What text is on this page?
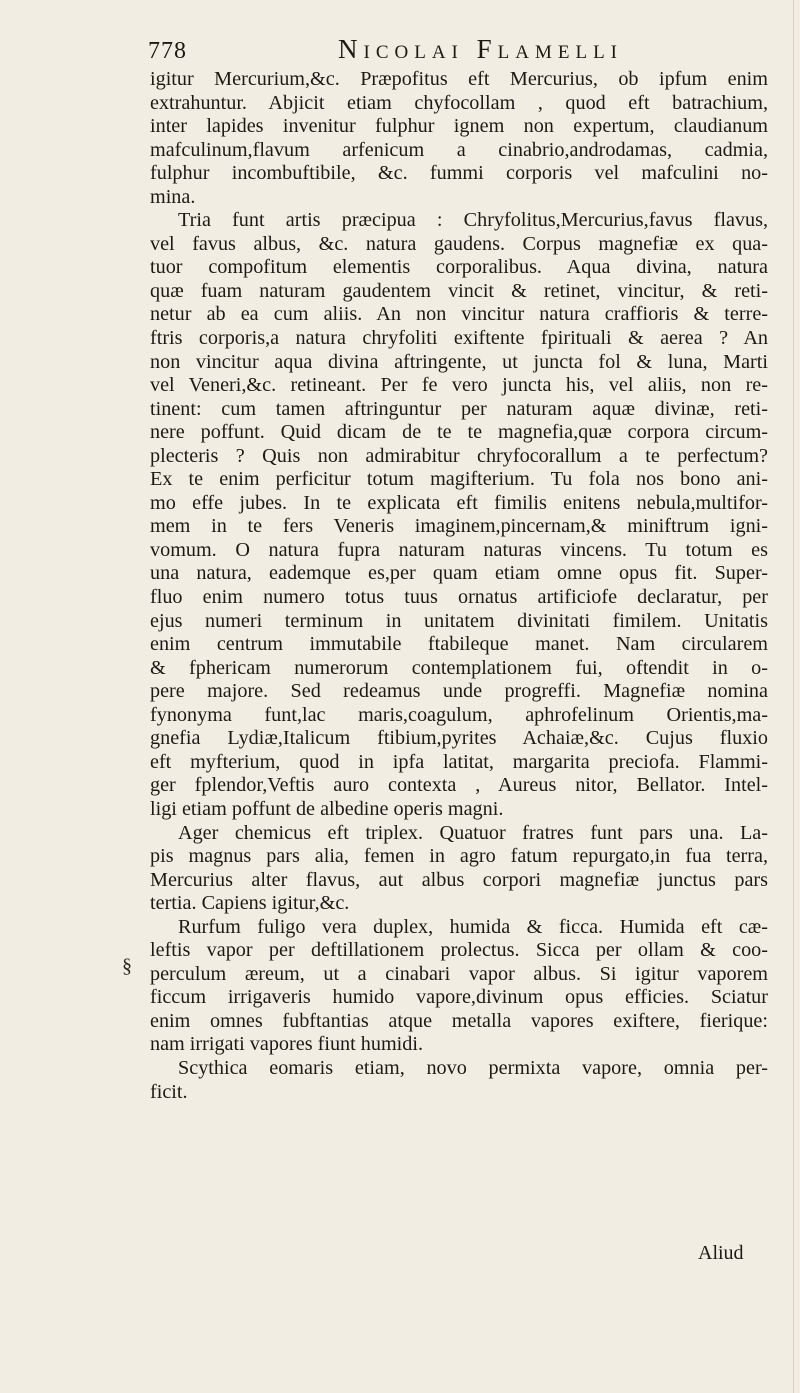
778	Nicolai Flamelli
§
igitur Mercurium,&c. Præpofitus eft Mercurius, ob ipfum enim
extrahuntur. Abjicit etiam chyfocollam , quod eft batrachium,
inter lapides invenitur fulphur ignem non expertum, claudianum
mafculinum,flavum arfenicum a cinabrio,androdamas, cadmia,
fulphur incombuftibile, &c. fummi corporis vel mafculini no-
mina.
Tria funt artis præcipua : Chryfolitus,Mercurius,favus flavus,
vel favus albus, &c. natura gaudens. Corpus magnefiæ ex qua-
tuor compofitum elementis corporalibus. Aqua divina, natura
quæ fuam naturam gaudentem vincit & retinet, vincitur, & reti-
netur ab ea cum aliis. An non vincitur natura craffioris & terre-
ftris corporis,a natura chryfoliti exiftente fpirituali & aerea ? An
non vincitur aqua divina aftringente, ut juncta fol & luna, Marti
vel Veneri,&c. retineant. Per fe vero juncta his, vel aliis, non re-
tinent: cum tamen aftringuntur per naturam aquæ divinæ, reti-
nere poffunt. Quid dicam de te te magnefia,quæ corpora circum-
plecteris ? Quis non admirabitur chryfocorallum a te perfectum?
Ex te enim perficitur totum magifterium. Tu fola nos bono ani-
mo effe jubes. In te explicata eft fimilis enitens nebula,multifor-
mem in te fers Veneris imaginem,pincernam,& miniftrum igni-
vomum. O natura fupra naturam naturas vincens. Tu totum es
una natura, eademque es,per quam etiam omne opus fit. Super-
fluo enim numero totus tuus ornatus artificiofe declaratur, per
ejus numeri terminum in unitatem divinitati fimilem. Unitatis
enim centrum immutabile ftabileque manet. Nam circularem
& fphericam numerorum contemplationem fui, oftendit in o-
pere majore. Sed redeamus unde progreffi. Magnefiæ nomina
fynonyma funt,lac maris,coagulum, aphrofelinum Orientis,ma-
gnefia Lydiæ,Italicum ftibium,pyrites Achaiæ,&c. Cujus fluxio
eft myfterium, quod in ipfa latitat, margarita preciofa. Flammi-
ger fplendor,Veftis auro contexta , Aureus nitor, Bellator. Intel-
ligi etiam poffunt de albedine operis magni.
Ager chemicus eft triplex. Quatuor fratres funt pars una. La-
pis magnus pars alia, femen in agro fatum repurgato,in fua terra,
Mercurius alter flavus, aut albus corpori magnefiæ junctus pars
tertia. Capiens igitur,&c.
Rurfum fuligo vera duplex, humida & ficca. Humida eft cæ-
leftis vapor per deftillationem prolectus. Sicca per ollam & coo-
perculum æreum, ut a cinabari vapor albus. Si igitur vaporem
ficcum irrigaveris humido vapore,divinum opus efficies. Sciatur
enim omnes fubftantias atque metalla vapores exiftere, fierique:
nam irrigati vapores fiunt humidi.
Scythica eomaris etiam, novo permixta vapore, omnia per-
ficit.
Aliud
